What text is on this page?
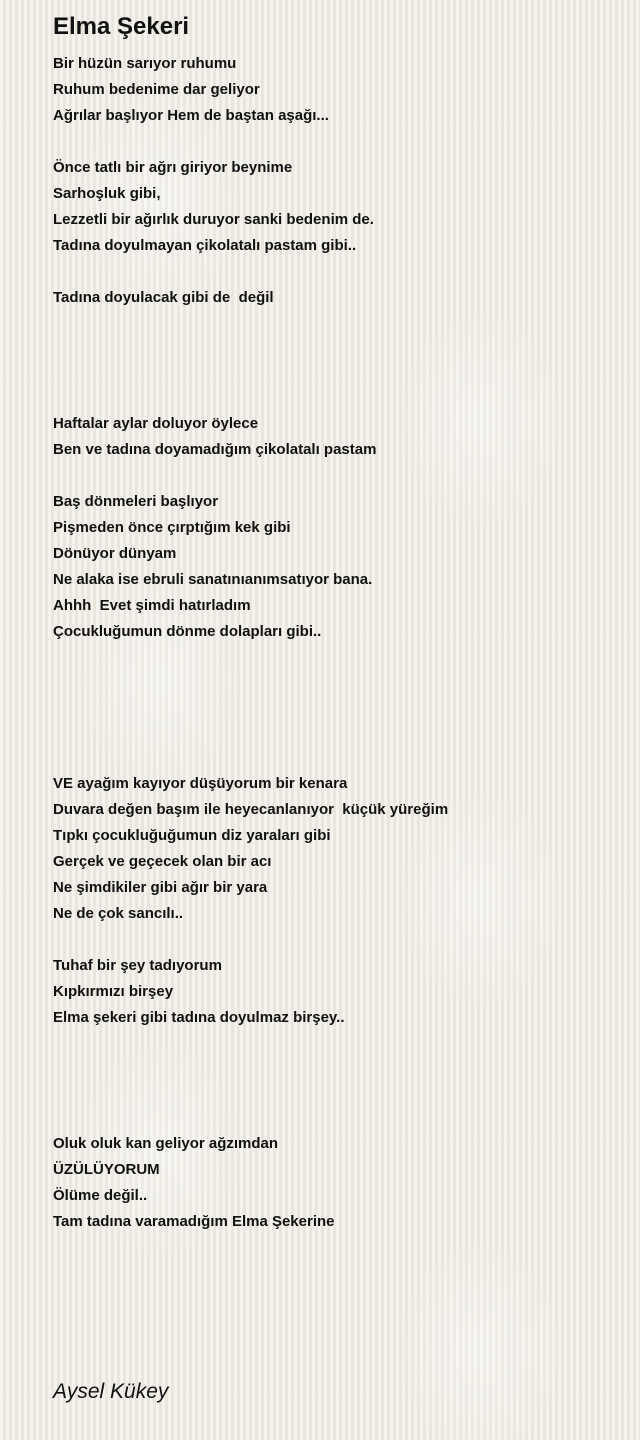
Elma Şekeri
Bir hüzün sarıyor ruhumu
Ruhum bedenime dar geliyor
Ağrılar başlıyor Hem de baştan aşağı...
Önce tatlı bir ağrı giriyor beynime
Sarhoşluk gibi,
Lezzetli bir ağırlık duruyor sanki bedenim de.
Tadına doyulmayan çikolatalı pastam gibi..
Tadına doyulacak gibi de  değil
Haftalar aylar doluyor öylece
Ben ve tadına doyamadığım çikolatalı pastam
Baş dönmeleri başlıyor
Pişmeden önce çırptığım kek gibi
Dönüyor dünyam
Ne alaka ise ebruli sanatınıanımsatıyor bana.
Ahhh  Evet şimdi hatırladım
Çocukluğumun dönme dolapları gibi..
VE ayağım kayıyor düşüyorum bir kenara
Duvara değen başım ile heyecanlanıyor  küçük yüreğim
Tıpkı çocukluğuğumun diz yaraları gibi
Gerçek ve geçecek olan bir acı
Ne şimdikiler gibi ağır bir yara
Ne de çok sancılı..
Tuhaf bir şey tadıyorum
Kıpkırmızı birşey
Elma şekeri gibi tadına doyulmaz birşey..
Oluk oluk kan geliyor ağzımdan
ÜZÜLÜYORUM
Ölüme değil..
Tam tadına varamadığım Elma Şekerine
Aysel Kükey
